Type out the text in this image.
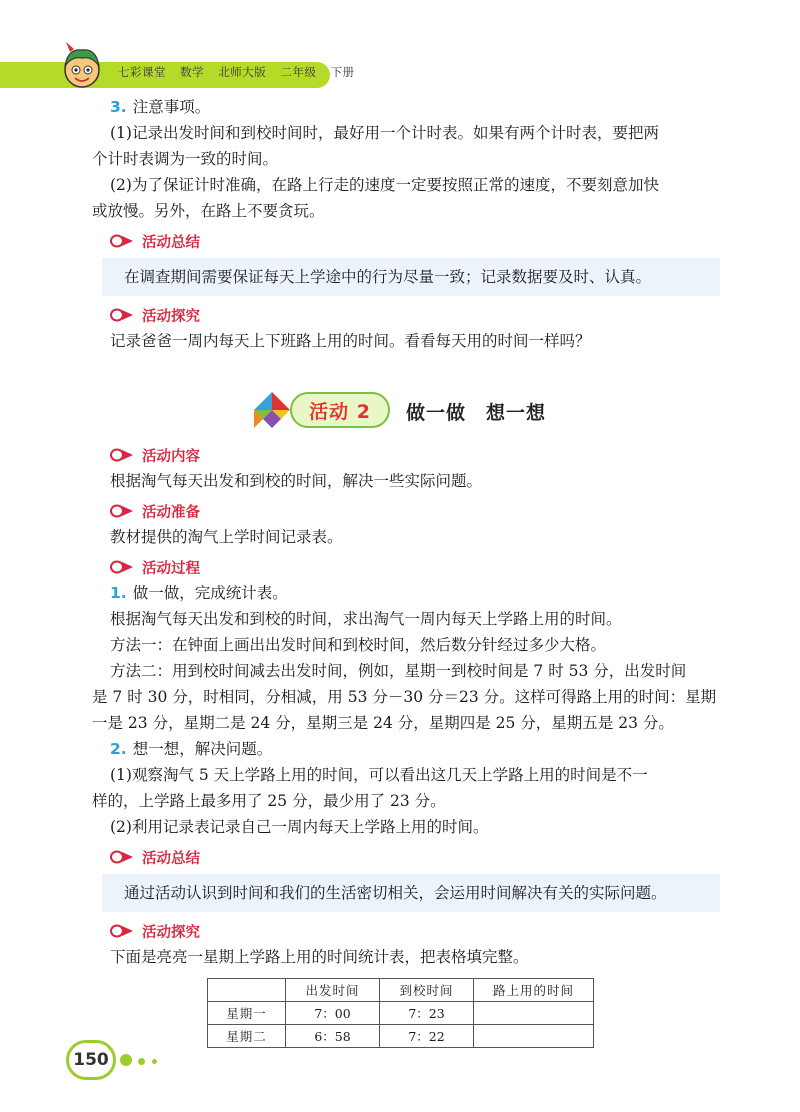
七彩课堂 数学 北师大版 二年级 下册
3. 注意事项。
(1)记录出发时间和到校时间时，最好用一个计时表。如果有两个计时表，要把两
个计时表调为一致的时间。
(2)为了保证计时准确，在路上行走的速度一定要按照正常的速度，不要刻意加快
或放慢。另外，在路上不要贪玩。
活动总结
在调查期间需要保证每天上学途中的行为尽量一致；记录数据要及时、认真。
活动探究
记录爸爸一周内每天上下班路上用的时间。看看每天用的时间一样吗？
活动 2 做一做　想一想
活动内容
根据淘气每天出发和到校的时间，解决一些实际问题。
活动准备
教材提供的淘气上学时间记录表。
活动过程
1. 做一做，完成统计表。
根据淘气每天出发和到校的时间，求出淘气一周内每天上学路上用的时间。
方法一：在钟面上画出出发时间和到校时间，然后数分针经过多少大格。
方法二：用到校时间减去出发时间，例如，星期一到校时间是 7 时 53 分，出发时间
是 7 时 30 分，时相同，分相减，用 53 分－30 分＝23 分。这样可得路上用的时间：星期
一是 23 分，星期二是 24 分，星期三是 24 分，星期四是 25 分，星期五是 23 分。
2. 想一想，解决问题。
(1)观察淘气 5 天上学路上用的时间，可以看出这几天上学路上用的时间是不一
样的，上学路上最多用了 25 分，最少用了 23 分。
(2)利用记录表记录自己一周内每天上学路上用的时间。
活动总结
通过活动认识到时间和我们的生活密切相关，会运用时间解决有关的实际问题。
活动探究
下面是亮亮一星期上学路上用的时间统计表，把表格填完整。
	出发时间	到校时间	路上用的时间
星期一	7：00	7：23	
星期二	6：58	7：22	
150
